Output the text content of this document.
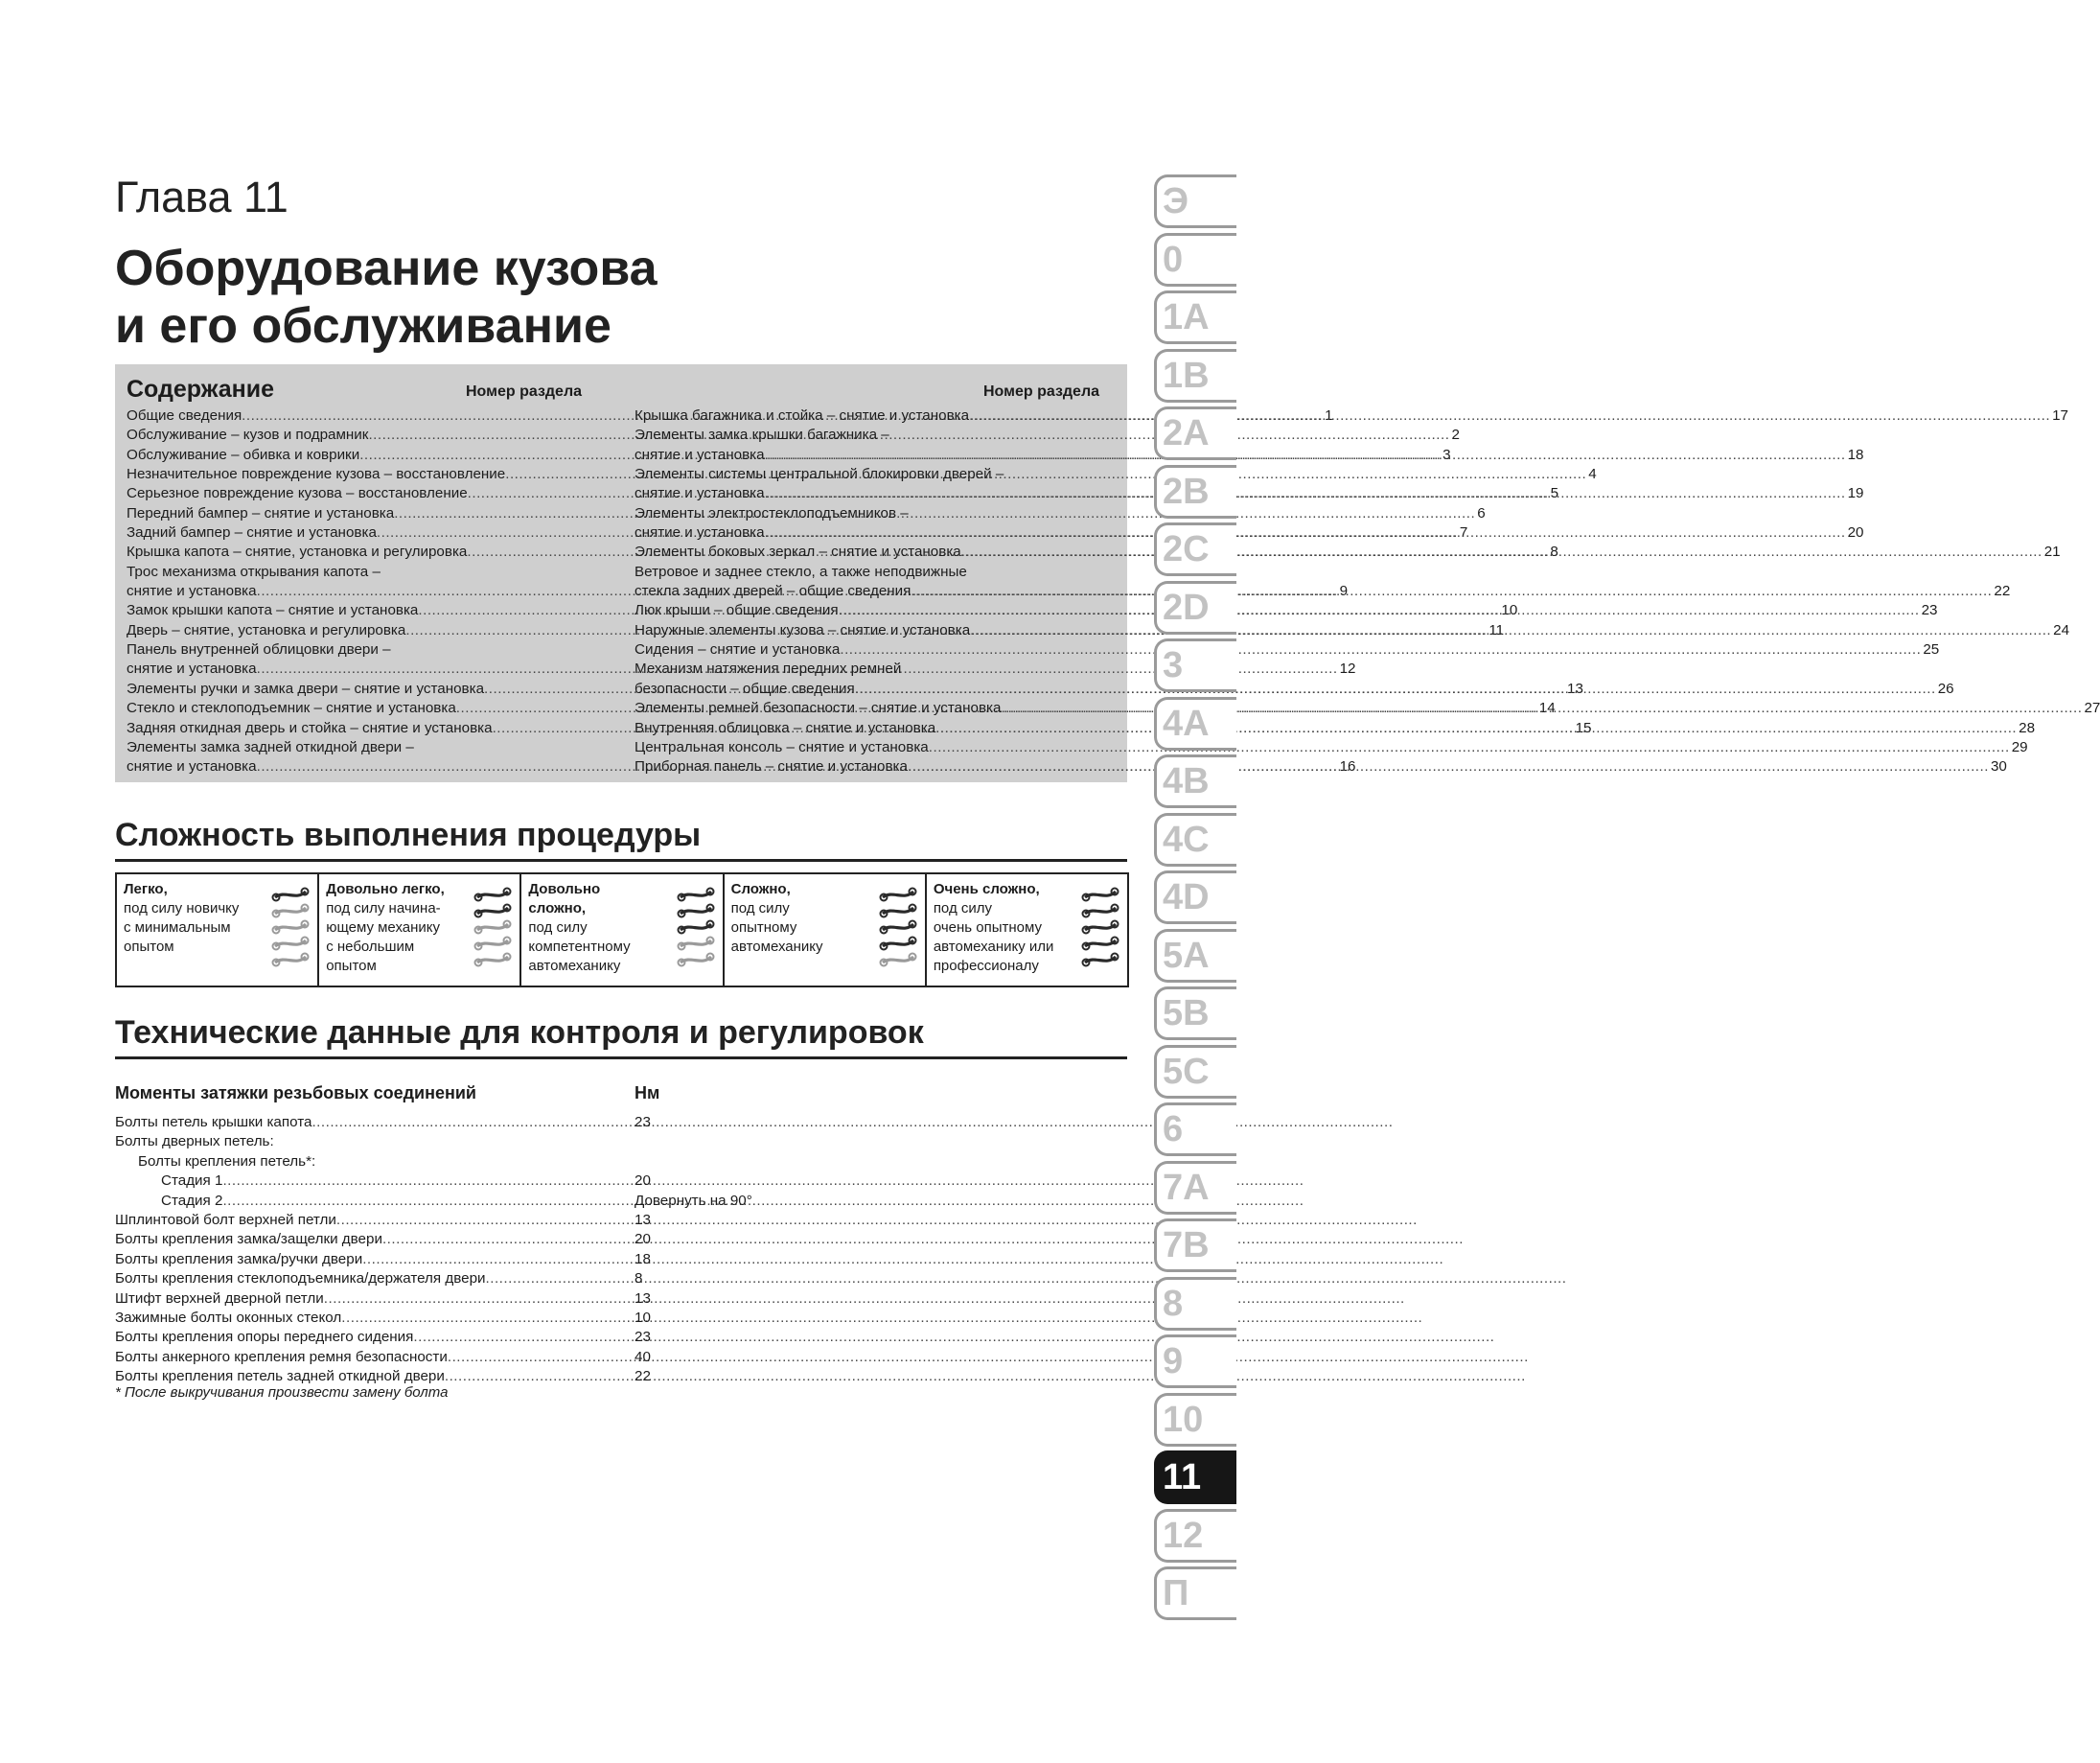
Глава 11
Оборудование кузова
и его обслуживание
Содержание	Номер раздела	Номер раздела
Общие сведения .....	1
Обслуживание – кузов и подрамник .....	2
Обслуживание – обивка и коврики .....	3
Незначительное повреждение кузова – восстановление .....	4
Серьезное повреждение кузова – восстановление .....	5
Передний бампер – снятие и установка .....	6
Задний бампер – снятие и установка .....	7
Крышка капота – снятие, установка и регулировка .....	8
Трос механизма открывания капота –
снятие и установка .....	9
Замок крышки капота – снятие и установка .....	10
Дверь – снятие, установка и регулировка .....	11
Панель внутренней облицовки двери –
снятие и установка .....	12
Элементы ручки и замка двери – снятие и установка .....	13
Стекло и стеклоподъемник – снятие и установка .....	14
Задняя откидная дверь и стойка – снятие и установка .....	15
Элементы замка задней откидной двери –
снятие и установка .....	16
Крышка багажника и стойка – снятие и установка .....	17
Элементы замка крышки багажника –
снятие и установка .....	18
Элементы системы центральной блокировки дверей –
снятие и установка .....	19
Элементы электростеклоподъемников –
снятие и установка .....	20
Элементы боковых зеркал – снятие и установка .....	21
Ветровое и заднее стекло, а также неподвижные
стекла задних дверей – общие сведения .....	22
Люк крыши – общие сведения .....	23
Наружные элементы кузова – снятие и установка .....	24
Сидения – снятие и установка .....	25
Механизм натяжения передних ремней
безопасности – общие сведения .....	26
Элементы ремней безопасности – снятие и установка .....	27
Внутренняя облицовка – снятие и установка .....	28
Центральная консоль – снятие и установка .....	29
Приборная панель – снятие и установка .....	30
Сложность выполнения процедуры
Легко,
под силу новичку
с минимальным
опытом
Довольно легко,
под силу начина-
ющему механику
с небольшим
опытом
Довольно
сложно,
под силу
компетентному
автомеханику
Сложно,
под силу
опытному
автомеханику
Очень сложно,
под силу
очень опытному
автомеханику или
профессионалу
Технические данные для контроля и регулировок
Моменты затяжки резьбовых соединений	Нм
Болты петель крышки капота .....	23
Болты дверных петель:
Болты крепления петель*:
Стадия 1 .....	20
Стадия 2 .....	Довернуть на 90°
Шплинтовой болт верхней петли .....	13
Болты крепления замка/защелки двери .....	20
Болты крепления замка/ручки двери .....	18
Болты крепления стеклоподъемника/держателя двери .....	8
Штифт верхней дверной петли .....	13
Зажимные болты оконных стекол .....	10
Болты крепления опоры переднего сидения .....	23
Болты анкерного крепления ремня безопасности .....	40
Болты крепления петель задней откидной двери .....	22
* После выкручивания произвести замену болта
Э
0
1A
1B
2A
2B
2C
2D
3
4A
4B
4C
4D
5A
5B
5C
6
7A
7B
8
9
10
11
12
П
